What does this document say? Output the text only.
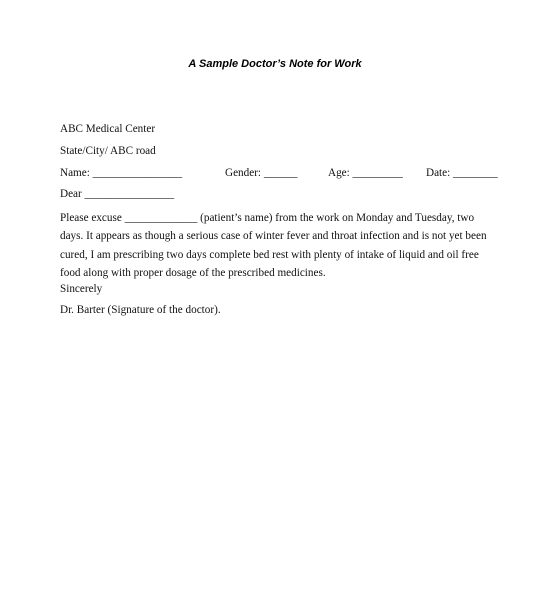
A Sample Doctor’s Note for Work
ABC Medical Center
State/City/ ABC road
Name: ________________	Gender: ______	Age: _________ Date: ________
Dear ________________
Please excuse _____________ (patient’s name) from the work on Monday and Tuesday, two
days. It appears as though a serious case of winter fever and throat infection and is not yet been
cured, I am prescribing two days complete bed rest with plenty of intake of liquid and oil free
food along with proper dosage of the prescribed medicines.
Sincerely
Dr. Barter (Signature of the doctor).
